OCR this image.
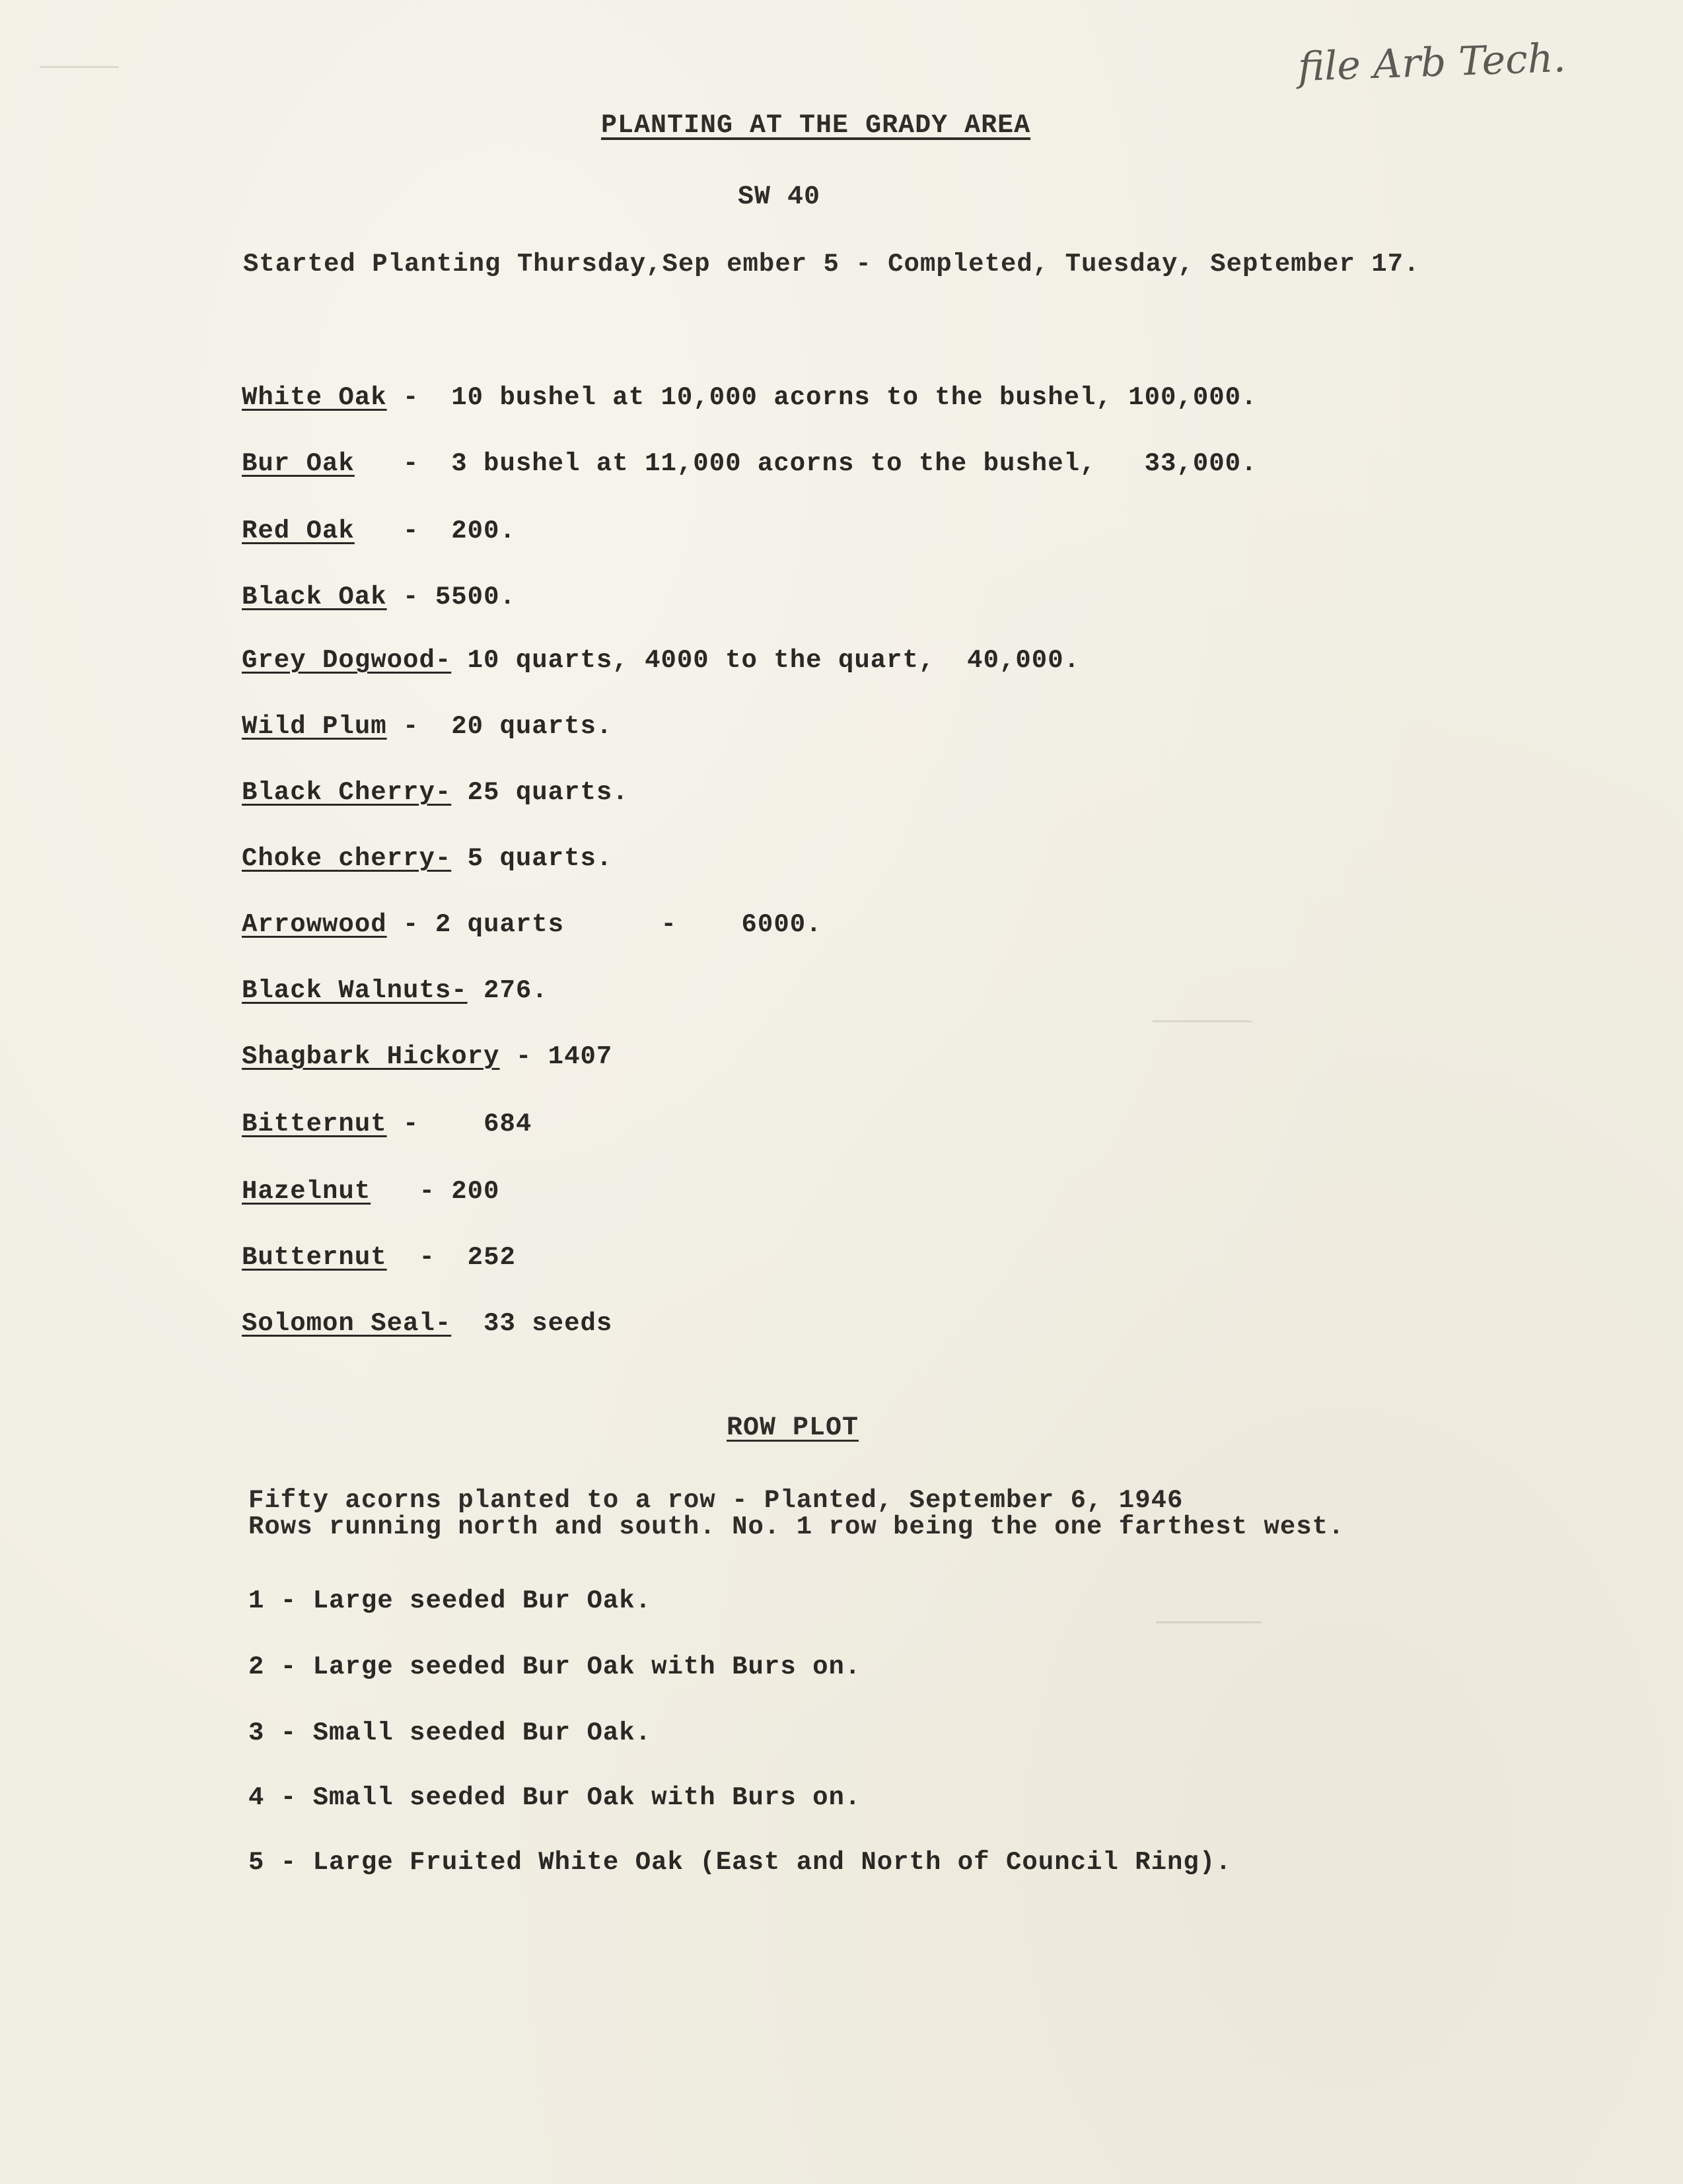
file Arb Tech.
PLANTING AT THE GRADY AREA
SW 40
Started Planting Thursday,Sep ember 5 - Completed, Tuesday, September 17.
White Oak -  10 bushel at 10,000 acorns to the bushel, 100,000.
Bur Oak   -  3 bushel at 11,000 acorns to the bushel,   33,000.
Red Oak   -  200.
Black Oak - 5500.
Grey Dogwood- 10 quarts, 4000 to the quart,  40,000.
Wild Plum -  20 quarts.
Black Cherry- 25 quarts.
Choke cherry- 5 quarts.
Arrowwood - 2 quarts      -    6000.
Black Walnuts- 276.
Shagbark Hickory - 1407
Bitternut -    684
Hazelnut   - 200
Butternut  -  252
Solomon Seal-  33 seeds
ROW PLOT
Fifty acorns planted to a row - Planted, September 6, 1946
Rows running north and south. No. 1 row being the one farthest west.
1 - Large seeded Bur Oak.
2 - Large seeded Bur Oak with Burs on.
3 - Small seeded Bur Oak.
4 - Small seeded Bur Oak with Burs on.
5 - Large Fruited White Oak (East and North of Council Ring).
